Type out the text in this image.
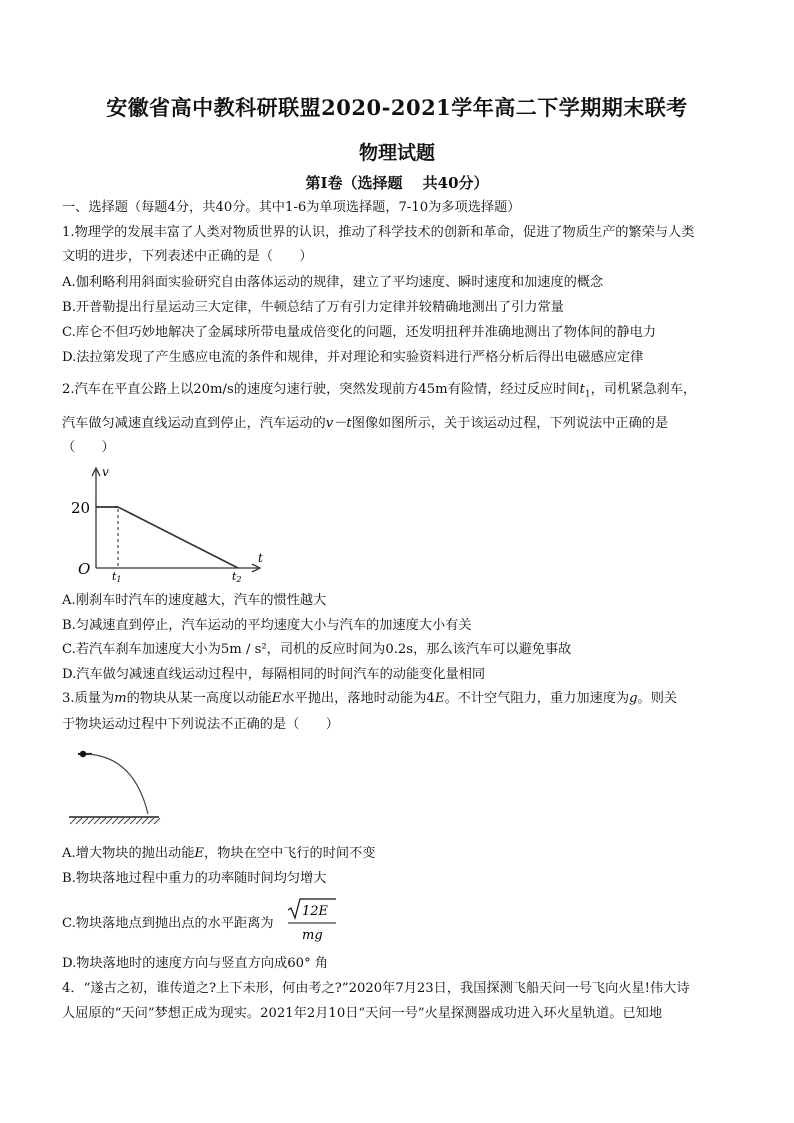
安徽省高中教科研联盟2020-2021学年高二下学期期末联考
物理试题
第Ⅰ卷（选择题　 共40分）
一、选择题（每题4分，共40分。其中1-6为单项选择题，7-10为多项选择题）
1.物理学的发展丰富了人类对物质世界的认识，推动了科学技术的创新和革命，促进了物质生产的繁荣与人类
文明的进步，下列表述中正确的是（　　）
A.伽利略利用斜面实验研究自由落体运动的规律，建立了平均速度、瞬时速度和加速度的概念
B.开普勒提出行星运动三大定律，牛顿总结了万有引力定律并较精确地测出了引力常量
C.库仑不但巧妙地解决了金属球所带电量成倍变化的问题，还发明扭秤并准确地测出了物体间的静电力
D.法拉第发现了产生感应电流的条件和规律，并对理论和实验资料进行严格分析后得出电磁感应定律
2.汽车在平直公路上以20m/s的速度匀速行驶，突然发现前方45m有险情，经过反应时间$t_1$，司机紧急刹车，
汽车做匀减速直线运动直到停止，汽车运动的v－t图像如图所示，关于该运动过程，下列说法中正确的是
（　　）
v
t
O
20
t1	t2
A.刚刹车时汽车的速度越大，汽车的惯性越大
B.匀减速直到停止，汽车运动的平均速度大小与汽车的加速度大小有关
C.若汽车刹车加速度大小为5m / s²，司机的反应时间为0.2s，那么该汽车可以避免事故
D.汽车做匀减速直线运动过程中，每隔相同的时间汽车的动能变化量相同
3.质量为m的物块从某一高度以动能E水平抛出，落地时动能为4E。不计空气阻力，重力加速度为g。则关
于物块运动过程中下列说法不正确的是（　　）
A.增大物块的抛出动能E，物块在空中飞行的时间不变
B.物块落地过程中重力的功率随时间均匀增大
C.物块落地点到抛出点的水平距离为
12E
mg
D.物块落地时的速度方向与竖直方向成60° 角
4．“遂古之初，谁传道之?上下未形，何由考之?”2020年7月23日，我国探测飞船天问一号飞向火星!伟大诗
人屈原的“天问”梦想正成为现实。2021年2月10日“天问一号”火星探测器成功进入环火星轨道。已知地
